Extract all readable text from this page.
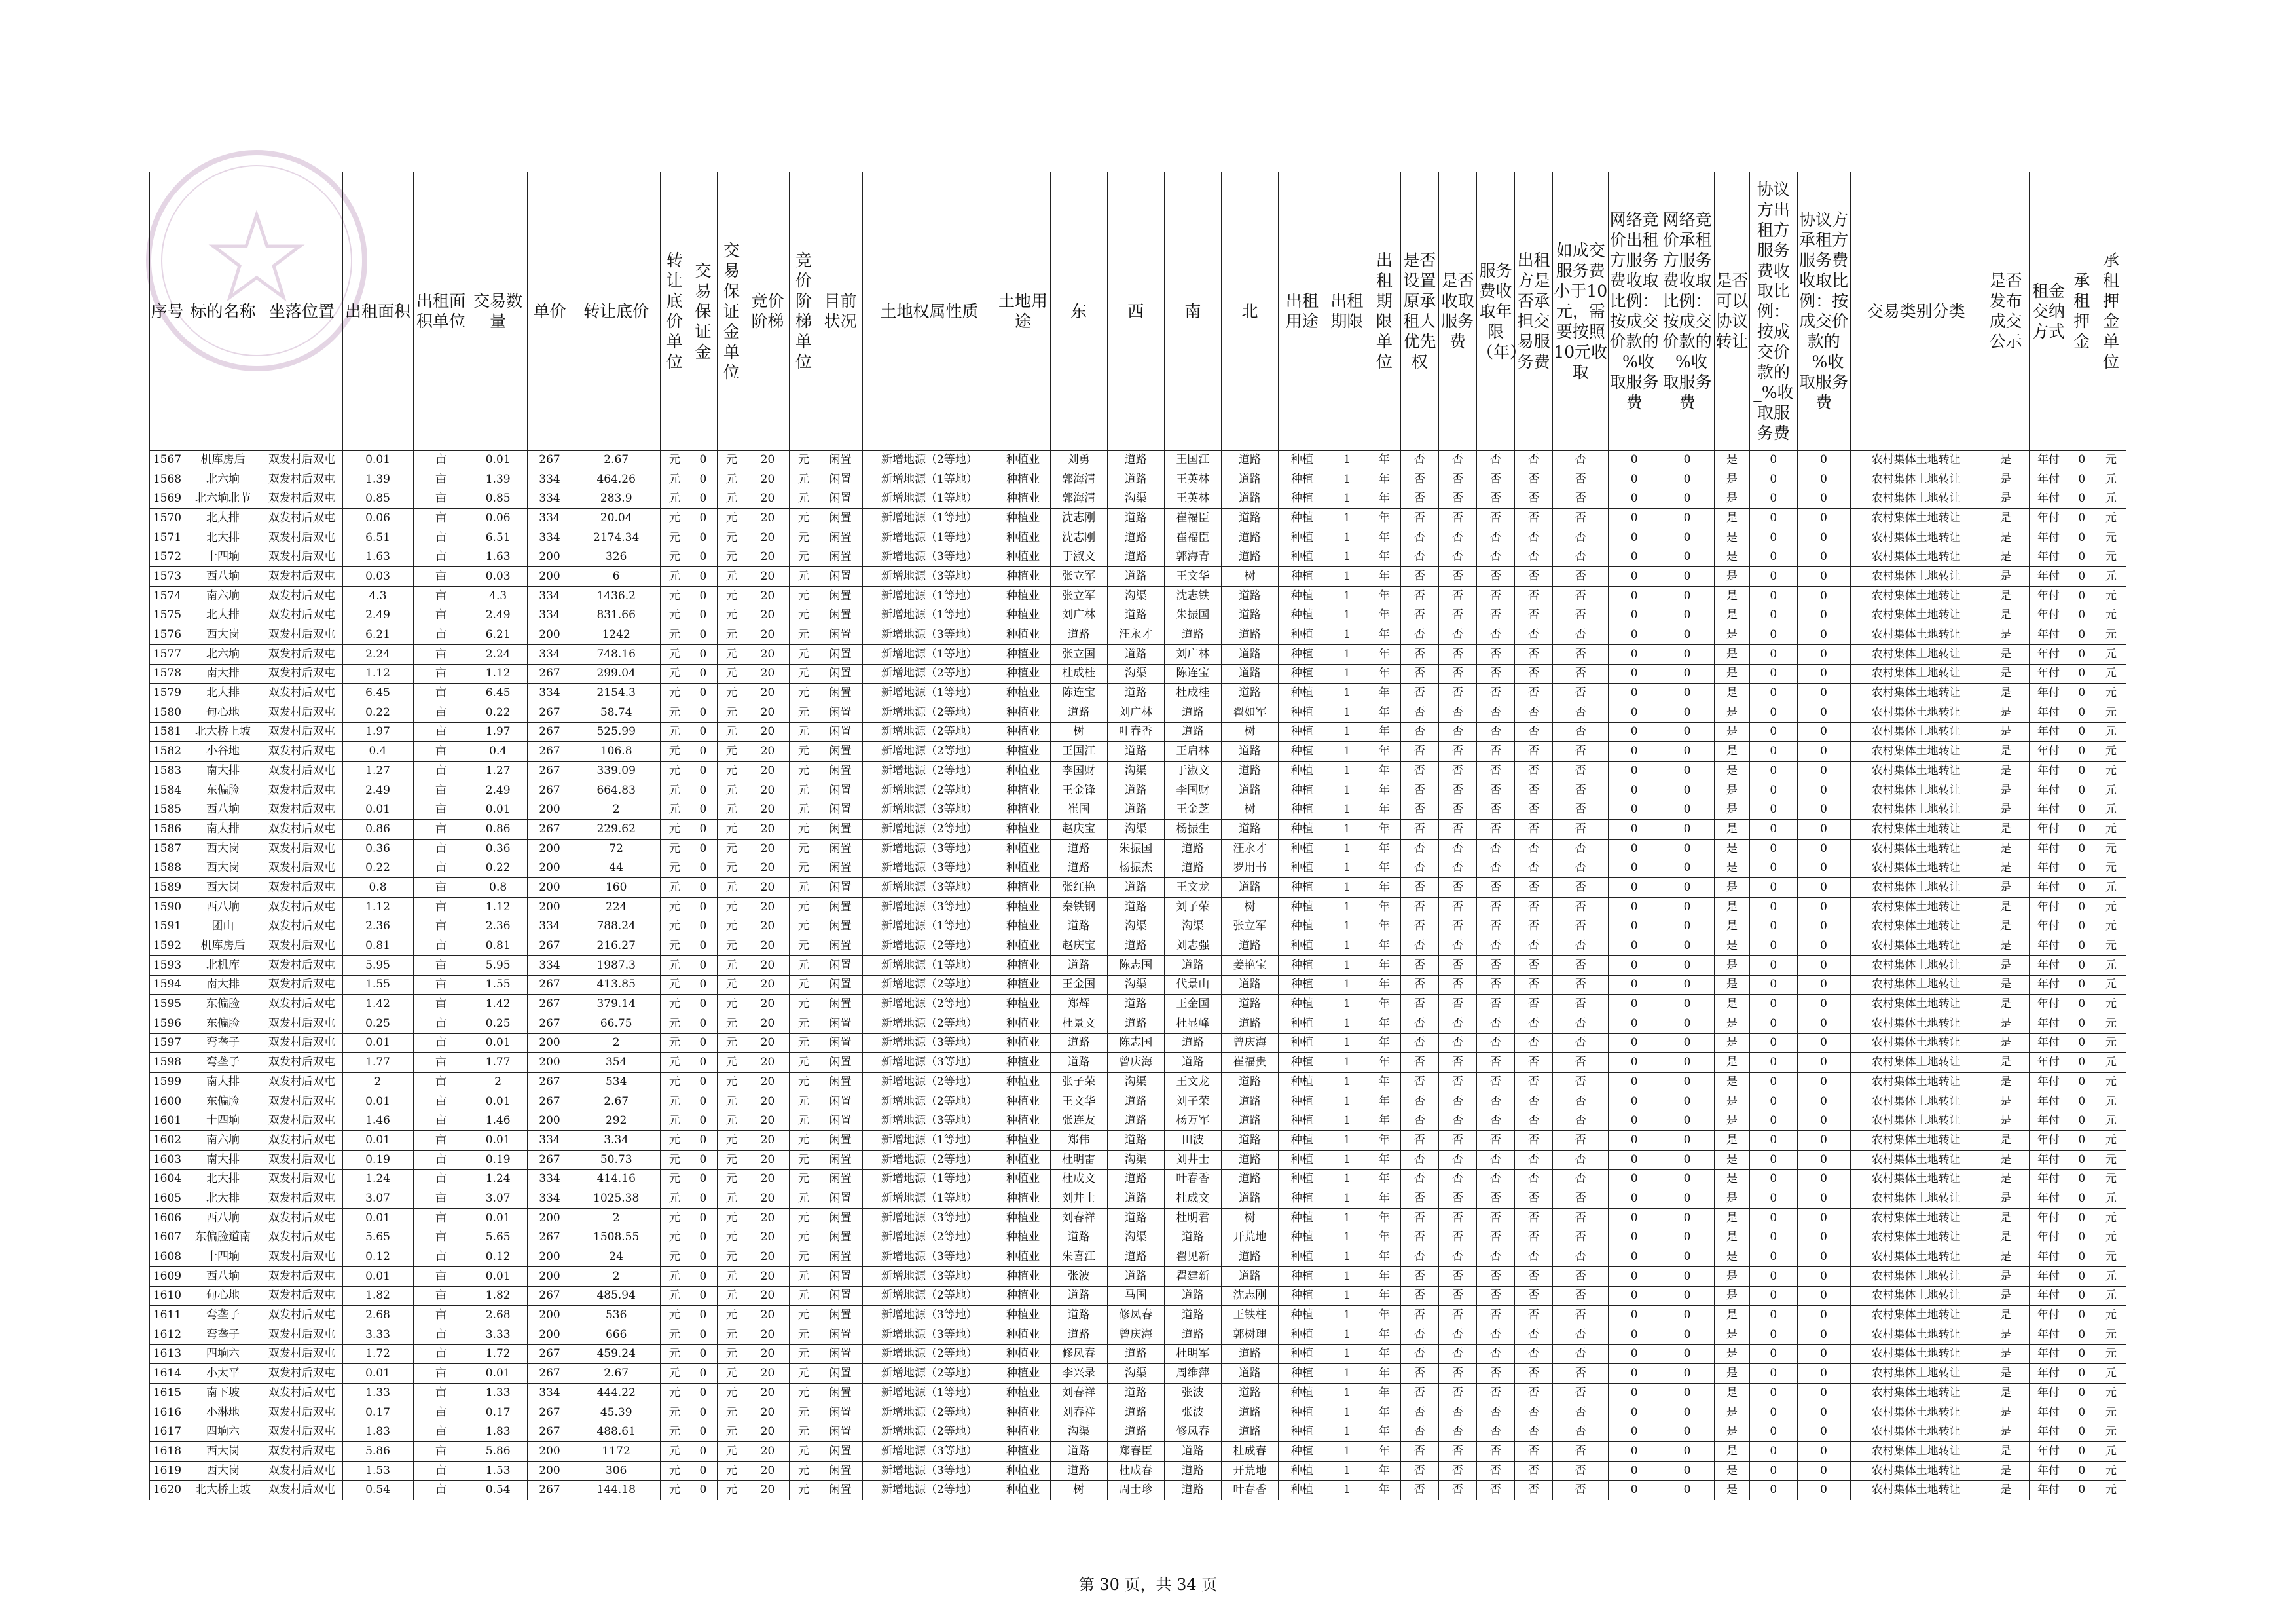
序号	标的名称	坐落位置	出租面积	出租面积单位	交易数量	单价	转让底价	转让底价单位	交易保证金	交易保证金单位	竞价阶梯	竞价阶梯单位	目前状况	土地权属性质	土地用途	东	西	南	北	出租用途	出租期限	出租期限单位	是否设置原承租人优先权	是否收取服务费	服务费收取年限（年）	出租方是否承担交易服务费	如成交服务费小于10元，需要按照10元收取	网络竞价出租方服务费收取比例：按成交价款的_%收取服务费	网络竞价承租方服务费收取比例：按成交价款的_%收取服务费	是否可以协议转让	协议方出租方服务费收取比例：按成交价款的_%收取服务费	协议方承租方服务费收取比例：按成交价款的_%收取服务费	交易类别分类	是否发布成交公示	租金交纳方式	承租押金	承租押金单位
1567	机库房后	双发村后双屯	0.01	亩	0.01	267	2.67	元	0	元	20	元	闲置	新增地源（2等地）	种植业	刘勇	道路	王国江	道路	种植	1	年	否	否	否	否	否	0	0	是	0	0	农村集体土地转让	是	年付	0	元
1568	北六垧	双发村后双屯	1.39	亩	1.39	334	464.26	元	0	元	20	元	闲置	新增地源（1等地）	种植业	郭海清	道路	王英林	道路	种植	1	年	否	否	否	否	否	0	0	是	0	0	农村集体土地转让	是	年付	0	元
1569	北六垧北节	双发村后双屯	0.85	亩	0.85	334	283.9	元	0	元	20	元	闲置	新增地源（1等地）	种植业	郭海清	沟渠	王英林	道路	种植	1	年	否	否	否	否	否	0	0	是	0	0	农村集体土地转让	是	年付	0	元
1570	北大排	双发村后双屯	0.06	亩	0.06	334	20.04	元	0	元	20	元	闲置	新增地源（1等地）	种植业	沈志刚	道路	崔福臣	道路	种植	1	年	否	否	否	否	否	0	0	是	0	0	农村集体土地转让	是	年付	0	元
1571	北大排	双发村后双屯	6.51	亩	6.51	334	2174.34	元	0	元	20	元	闲置	新增地源（1等地）	种植业	沈志刚	道路	崔福臣	道路	种植	1	年	否	否	否	否	否	0	0	是	0	0	农村集体土地转让	是	年付	0	元
1572	十四垧	双发村后双屯	1.63	亩	1.63	200	326	元	0	元	20	元	闲置	新增地源（3等地）	种植业	于淑文	道路	郭海青	道路	种植	1	年	否	否	否	否	否	0	0	是	0	0	农村集体土地转让	是	年付	0	元
1573	西八垧	双发村后双屯	0.03	亩	0.03	200	6	元	0	元	20	元	闲置	新增地源（3等地）	种植业	张立军	道路	王文华	树	种植	1	年	否	否	否	否	否	0	0	是	0	0	农村集体土地转让	是	年付	0	元
1574	南六垧	双发村后双屯	4.3	亩	4.3	334	1436.2	元	0	元	20	元	闲置	新增地源（1等地）	种植业	张立军	沟渠	沈志铁	道路	种植	1	年	否	否	否	否	否	0	0	是	0	0	农村集体土地转让	是	年付	0	元
1575	北大排	双发村后双屯	2.49	亩	2.49	334	831.66	元	0	元	20	元	闲置	新增地源（1等地）	种植业	刘广林	道路	朱振国	道路	种植	1	年	否	否	否	否	否	0	0	是	0	0	农村集体土地转让	是	年付	0	元
1576	西大岗	双发村后双屯	6.21	亩	6.21	200	1242	元	0	元	20	元	闲置	新增地源（3等地）	种植业	道路	汪永才	道路	道路	种植	1	年	否	否	否	否	否	0	0	是	0	0	农村集体土地转让	是	年付	0	元
1577	北六垧	双发村后双屯	2.24	亩	2.24	334	748.16	元	0	元	20	元	闲置	新增地源（1等地）	种植业	张立国	道路	刘广林	道路	种植	1	年	否	否	否	否	否	0	0	是	0	0	农村集体土地转让	是	年付	0	元
1578	南大排	双发村后双屯	1.12	亩	1.12	267	299.04	元	0	元	20	元	闲置	新增地源（2等地）	种植业	杜成桂	沟渠	陈连宝	道路	种植	1	年	否	否	否	否	否	0	0	是	0	0	农村集体土地转让	是	年付	0	元
1579	北大排	双发村后双屯	6.45	亩	6.45	334	2154.3	元	0	元	20	元	闲置	新增地源（1等地）	种植业	陈连宝	道路	杜成桂	道路	种植	1	年	否	否	否	否	否	0	0	是	0	0	农村集体土地转让	是	年付	0	元
1580	甸心地	双发村后双屯	0.22	亩	0.22	267	58.74	元	0	元	20	元	闲置	新增地源（2等地）	种植业	道路	刘广林	道路	翟如军	种植	1	年	否	否	否	否	否	0	0	是	0	0	农村集体土地转让	是	年付	0	元
1581	北大桥上坡	双发村后双屯	1.97	亩	1.97	267	525.99	元	0	元	20	元	闲置	新增地源（2等地）	种植业	树	叶春香	道路	树	种植	1	年	否	否	否	否	否	0	0	是	0	0	农村集体土地转让	是	年付	0	元
1582	小谷地	双发村后双屯	0.4	亩	0.4	267	106.8	元	0	元	20	元	闲置	新增地源（2等地）	种植业	王国江	道路	王启林	道路	种植	1	年	否	否	否	否	否	0	0	是	0	0	农村集体土地转让	是	年付	0	元
1583	南大排	双发村后双屯	1.27	亩	1.27	267	339.09	元	0	元	20	元	闲置	新增地源（2等地）	种植业	李国财	沟渠	于淑文	道路	种植	1	年	否	否	否	否	否	0	0	是	0	0	农村集体土地转让	是	年付	0	元
1584	东偏脸	双发村后双屯	2.49	亩	2.49	267	664.83	元	0	元	20	元	闲置	新增地源（2等地）	种植业	王金锋	道路	李国财	道路	种植	1	年	否	否	否	否	否	0	0	是	0	0	农村集体土地转让	是	年付	0	元
1585	西八垧	双发村后双屯	0.01	亩	0.01	200	2	元	0	元	20	元	闲置	新增地源（3等地）	种植业	崔国	道路	王金芝	树	种植	1	年	否	否	否	否	否	0	0	是	0	0	农村集体土地转让	是	年付	0	元
1586	南大排	双发村后双屯	0.86	亩	0.86	267	229.62	元	0	元	20	元	闲置	新增地源（2等地）	种植业	赵庆宝	沟渠	杨振生	道路	种植	1	年	否	否	否	否	否	0	0	是	0	0	农村集体土地转让	是	年付	0	元
1587	西大岗	双发村后双屯	0.36	亩	0.36	200	72	元	0	元	20	元	闲置	新增地源（3等地）	种植业	道路	朱振国	道路	汪永才	种植	1	年	否	否	否	否	否	0	0	是	0	0	农村集体土地转让	是	年付	0	元
1588	西大岗	双发村后双屯	0.22	亩	0.22	200	44	元	0	元	20	元	闲置	新增地源（3等地）	种植业	道路	杨振杰	道路	罗用书	种植	1	年	否	否	否	否	否	0	0	是	0	0	农村集体土地转让	是	年付	0	元
1589	西大岗	双发村后双屯	0.8	亩	0.8	200	160	元	0	元	20	元	闲置	新增地源（3等地）	种植业	张红艳	道路	王文龙	道路	种植	1	年	否	否	否	否	否	0	0	是	0	0	农村集体土地转让	是	年付	0	元
1590	西八垧	双发村后双屯	1.12	亩	1.12	200	224	元	0	元	20	元	闲置	新增地源（3等地）	种植业	秦铁钢	道路	刘子荣	树	种植	1	年	否	否	否	否	否	0	0	是	0	0	农村集体土地转让	是	年付	0	元
1591	团山	双发村后双屯	2.36	亩	2.36	334	788.24	元	0	元	20	元	闲置	新增地源（1等地）	种植业	道路	沟渠	沟渠	张立军	种植	1	年	否	否	否	否	否	0	0	是	0	0	农村集体土地转让	是	年付	0	元
1592	机库房后	双发村后双屯	0.81	亩	0.81	267	216.27	元	0	元	20	元	闲置	新增地源（2等地）	种植业	赵庆宝	道路	刘志强	道路	种植	1	年	否	否	否	否	否	0	0	是	0	0	农村集体土地转让	是	年付	0	元
1593	北机库	双发村后双屯	5.95	亩	5.95	334	1987.3	元	0	元	20	元	闲置	新增地源（1等地）	种植业	道路	陈志国	道路	姜艳宝	种植	1	年	否	否	否	否	否	0	0	是	0	0	农村集体土地转让	是	年付	0	元
1594	南大排	双发村后双屯	1.55	亩	1.55	267	413.85	元	0	元	20	元	闲置	新增地源（2等地）	种植业	王金国	沟渠	代景山	道路	种植	1	年	否	否	否	否	否	0	0	是	0	0	农村集体土地转让	是	年付	0	元
1595	东偏脸	双发村后双屯	1.42	亩	1.42	267	379.14	元	0	元	20	元	闲置	新增地源（2等地）	种植业	郑辉	道路	王金国	道路	种植	1	年	否	否	否	否	否	0	0	是	0	0	农村集体土地转让	是	年付	0	元
1596	东偏脸	双发村后双屯	0.25	亩	0.25	267	66.75	元	0	元	20	元	闲置	新增地源（2等地）	种植业	杜景文	道路	杜显峰	道路	种植	1	年	否	否	否	否	否	0	0	是	0	0	农村集体土地转让	是	年付	0	元
1597	弯垄子	双发村后双屯	0.01	亩	0.01	200	2	元	0	元	20	元	闲置	新增地源（3等地）	种植业	道路	陈志国	道路	曾庆海	种植	1	年	否	否	否	否	否	0	0	是	0	0	农村集体土地转让	是	年付	0	元
1598	弯垄子	双发村后双屯	1.77	亩	1.77	200	354	元	0	元	20	元	闲置	新增地源（3等地）	种植业	道路	曾庆海	道路	崔福贵	种植	1	年	否	否	否	否	否	0	0	是	0	0	农村集体土地转让	是	年付	0	元
1599	南大排	双发村后双屯	2	亩	2	267	534	元	0	元	20	元	闲置	新增地源（2等地）	种植业	张子荣	沟渠	王文龙	道路	种植	1	年	否	否	否	否	否	0	0	是	0	0	农村集体土地转让	是	年付	0	元
1600	东偏脸	双发村后双屯	0.01	亩	0.01	267	2.67	元	0	元	20	元	闲置	新增地源（2等地）	种植业	王文华	道路	刘子荣	道路	种植	1	年	否	否	否	否	否	0	0	是	0	0	农村集体土地转让	是	年付	0	元
1601	十四垧	双发村后双屯	1.46	亩	1.46	200	292	元	0	元	20	元	闲置	新增地源（3等地）	种植业	张连友	道路	杨万军	道路	种植	1	年	否	否	否	否	否	0	0	是	0	0	农村集体土地转让	是	年付	0	元
1602	南六垧	双发村后双屯	0.01	亩	0.01	334	3.34	元	0	元	20	元	闲置	新增地源（1等地）	种植业	郑伟	道路	田波	道路	种植	1	年	否	否	否	否	否	0	0	是	0	0	农村集体土地转让	是	年付	0	元
1603	南大排	双发村后双屯	0.19	亩	0.19	267	50.73	元	0	元	20	元	闲置	新增地源（2等地）	种植业	杜明雷	沟渠	刘井士	道路	种植	1	年	否	否	否	否	否	0	0	是	0	0	农村集体土地转让	是	年付	0	元
1604	北大排	双发村后双屯	1.24	亩	1.24	334	414.16	元	0	元	20	元	闲置	新增地源（1等地）	种植业	杜成文	道路	叶春香	道路	种植	1	年	否	否	否	否	否	0	0	是	0	0	农村集体土地转让	是	年付	0	元
1605	北大排	双发村后双屯	3.07	亩	3.07	334	1025.38	元	0	元	20	元	闲置	新增地源（1等地）	种植业	刘井士	道路	杜成文	道路	种植	1	年	否	否	否	否	否	0	0	是	0	0	农村集体土地转让	是	年付	0	元
1606	西八垧	双发村后双屯	0.01	亩	0.01	200	2	元	0	元	20	元	闲置	新增地源（3等地）	种植业	刘春祥	道路	杜明君	树	种植	1	年	否	否	否	否	否	0	0	是	0	0	农村集体土地转让	是	年付	0	元
1607	东偏脸道南	双发村后双屯	5.65	亩	5.65	267	1508.55	元	0	元	20	元	闲置	新增地源（2等地）	种植业	道路	沟渠	道路	开荒地	种植	1	年	否	否	否	否	否	0	0	是	0	0	农村集体土地转让	是	年付	0	元
1608	十四垧	双发村后双屯	0.12	亩	0.12	200	24	元	0	元	20	元	闲置	新增地源（3等地）	种植业	朱喜江	道路	翟见新	道路	种植	1	年	否	否	否	否	否	0	0	是	0	0	农村集体土地转让	是	年付	0	元
1609	西八垧	双发村后双屯	0.01	亩	0.01	200	2	元	0	元	20	元	闲置	新增地源（3等地）	种植业	张波	道路	瞿建新	道路	种植	1	年	否	否	否	否	否	0	0	是	0	0	农村集体土地转让	是	年付	0	元
1610	甸心地	双发村后双屯	1.82	亩	1.82	267	485.94	元	0	元	20	元	闲置	新增地源（2等地）	种植业	道路	马国	道路	沈志刚	种植	1	年	否	否	否	否	否	0	0	是	0	0	农村集体土地转让	是	年付	0	元
1611	弯垄子	双发村后双屯	2.68	亩	2.68	200	536	元	0	元	20	元	闲置	新增地源（3等地）	种植业	道路	修凤春	道路	王铁柱	种植	1	年	否	否	否	否	否	0	0	是	0	0	农村集体土地转让	是	年付	0	元
1612	弯垄子	双发村后双屯	3.33	亩	3.33	200	666	元	0	元	20	元	闲置	新增地源（3等地）	种植业	道路	曾庆海	道路	郭树理	种植	1	年	否	否	否	否	否	0	0	是	0	0	农村集体土地转让	是	年付	0	元
1613	四垧六	双发村后双屯	1.72	亩	1.72	267	459.24	元	0	元	20	元	闲置	新增地源（2等地）	种植业	修凤春	道路	杜明军	道路	种植	1	年	否	否	否	否	否	0	0	是	0	0	农村集体土地转让	是	年付	0	元
1614	小太平	双发村后双屯	0.01	亩	0.01	267	2.67	元	0	元	20	元	闲置	新增地源（2等地）	种植业	李兴录	沟渠	周维萍	道路	种植	1	年	否	否	否	否	否	0	0	是	0	0	农村集体土地转让	是	年付	0	元
1615	南下坡	双发村后双屯	1.33	亩	1.33	334	444.22	元	0	元	20	元	闲置	新增地源（1等地）	种植业	刘春祥	道路	张波	道路	种植	1	年	否	否	否	否	否	0	0	是	0	0	农村集体土地转让	是	年付	0	元
1616	小淋地	双发村后双屯	0.17	亩	0.17	267	45.39	元	0	元	20	元	闲置	新增地源（2等地）	种植业	刘春祥	道路	张波	道路	种植	1	年	否	否	否	否	否	0	0	是	0	0	农村集体土地转让	是	年付	0	元
1617	四垧六	双发村后双屯	1.83	亩	1.83	267	488.61	元	0	元	20	元	闲置	新增地源（2等地）	种植业	沟渠	道路	修凤春	道路	种植	1	年	否	否	否	否	否	0	0	是	0	0	农村集体土地转让	是	年付	0	元
1618	西大岗	双发村后双屯	5.86	亩	5.86	200	1172	元	0	元	20	元	闲置	新增地源（3等地）	种植业	道路	郑春臣	道路	杜成春	种植	1	年	否	否	否	否	否	0	0	是	0	0	农村集体土地转让	是	年付	0	元
1619	西大岗	双发村后双屯	1.53	亩	1.53	200	306	元	0	元	20	元	闲置	新增地源（3等地）	种植业	道路	杜成春	道路	开荒地	种植	1	年	否	否	否	否	否	0	0	是	0	0	农村集体土地转让	是	年付	0	元
1620	北大桥上坡	双发村后双屯	0.54	亩	0.54	267	144.18	元	0	元	20	元	闲置	新增地源（2等地）	种植业	树	周士珍	道路	叶春香	种植	1	年	否	否	否	否	否	0	0	是	0	0	农村集体土地转让	是	年付	0	元
第 30 页，共 34 页
